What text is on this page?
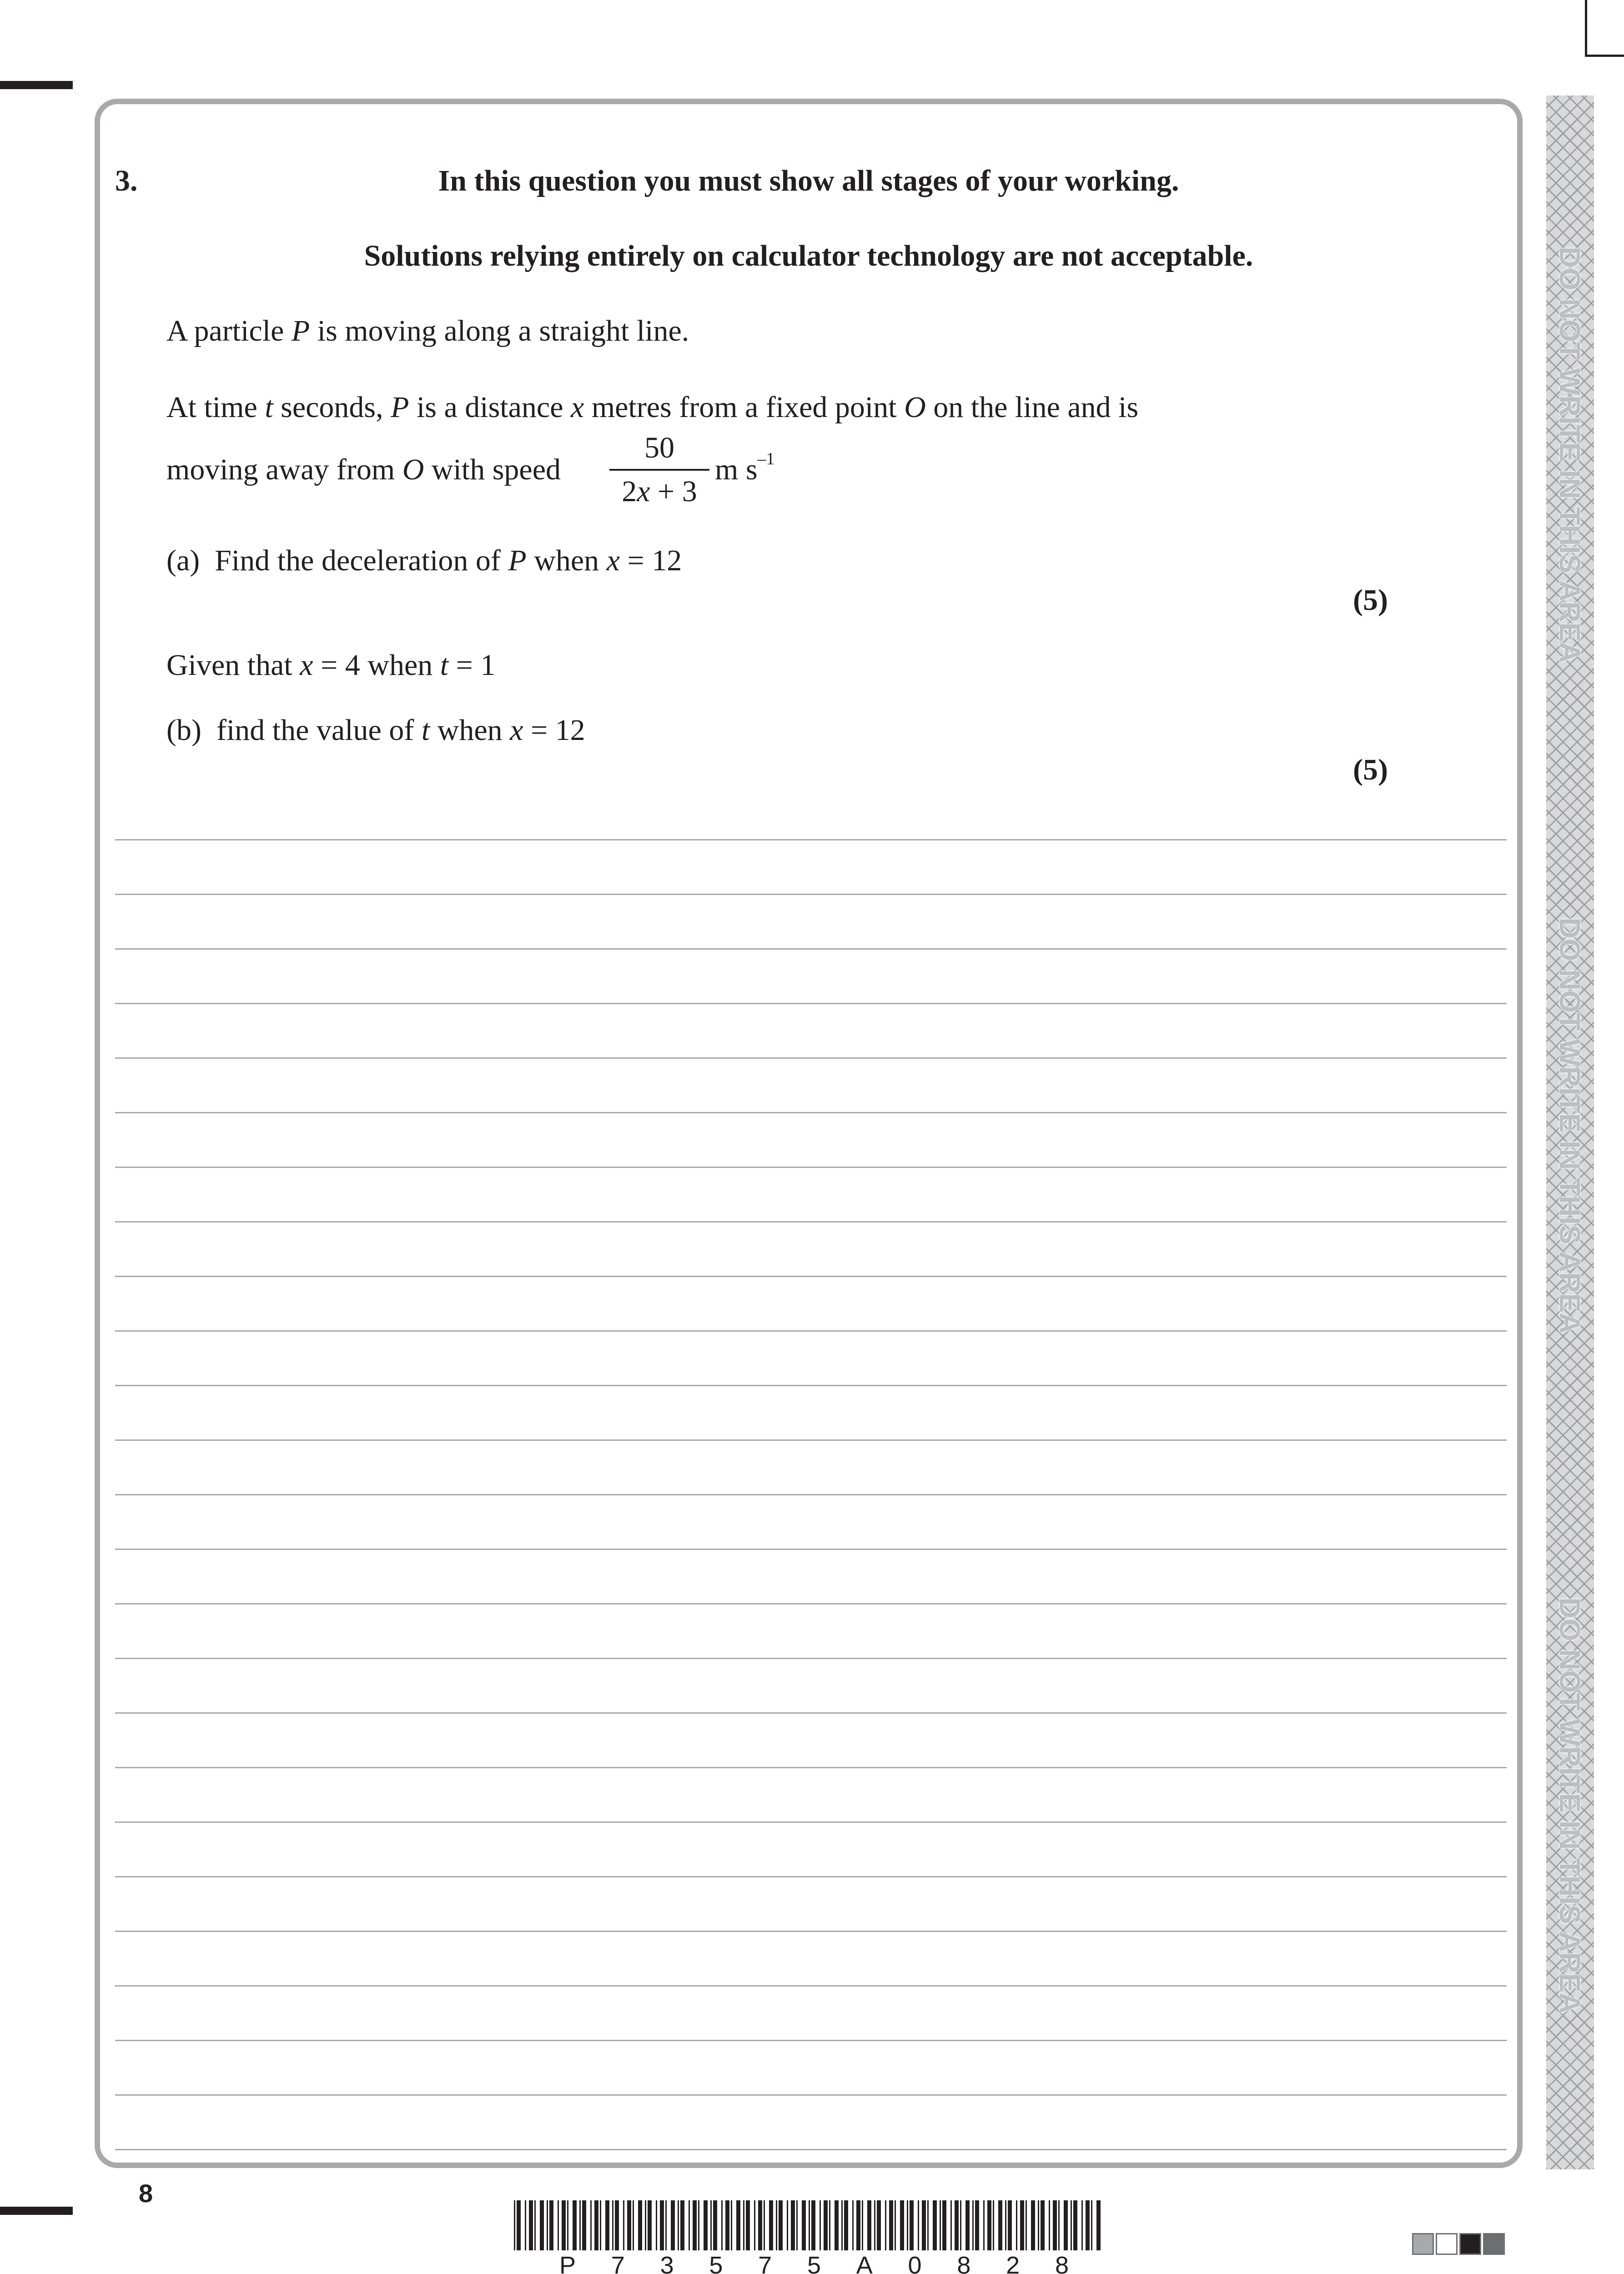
3.	In this question you must show all stages of your working.
Solutions relying entirely on calculator technology are not acceptable.
A particle P is moving along a straight line.
At time t seconds, P is a distance x metres from a fixed point O on the line and is
moving away from O with speed
50
2x + 3
m $s^{-1}$
(a) Find the deceleration of P when x = 12
(5)
Given that x = 4 when t = 1
(b) find the value of t when x = 12
(5)
DO NOT WRITE IN THIS AREA
DO NOT WRITE IN THIS AREA
DO NOT WRITE IN THIS AREA
8
P 7 3 5 7 5 A 0 8 2 8
